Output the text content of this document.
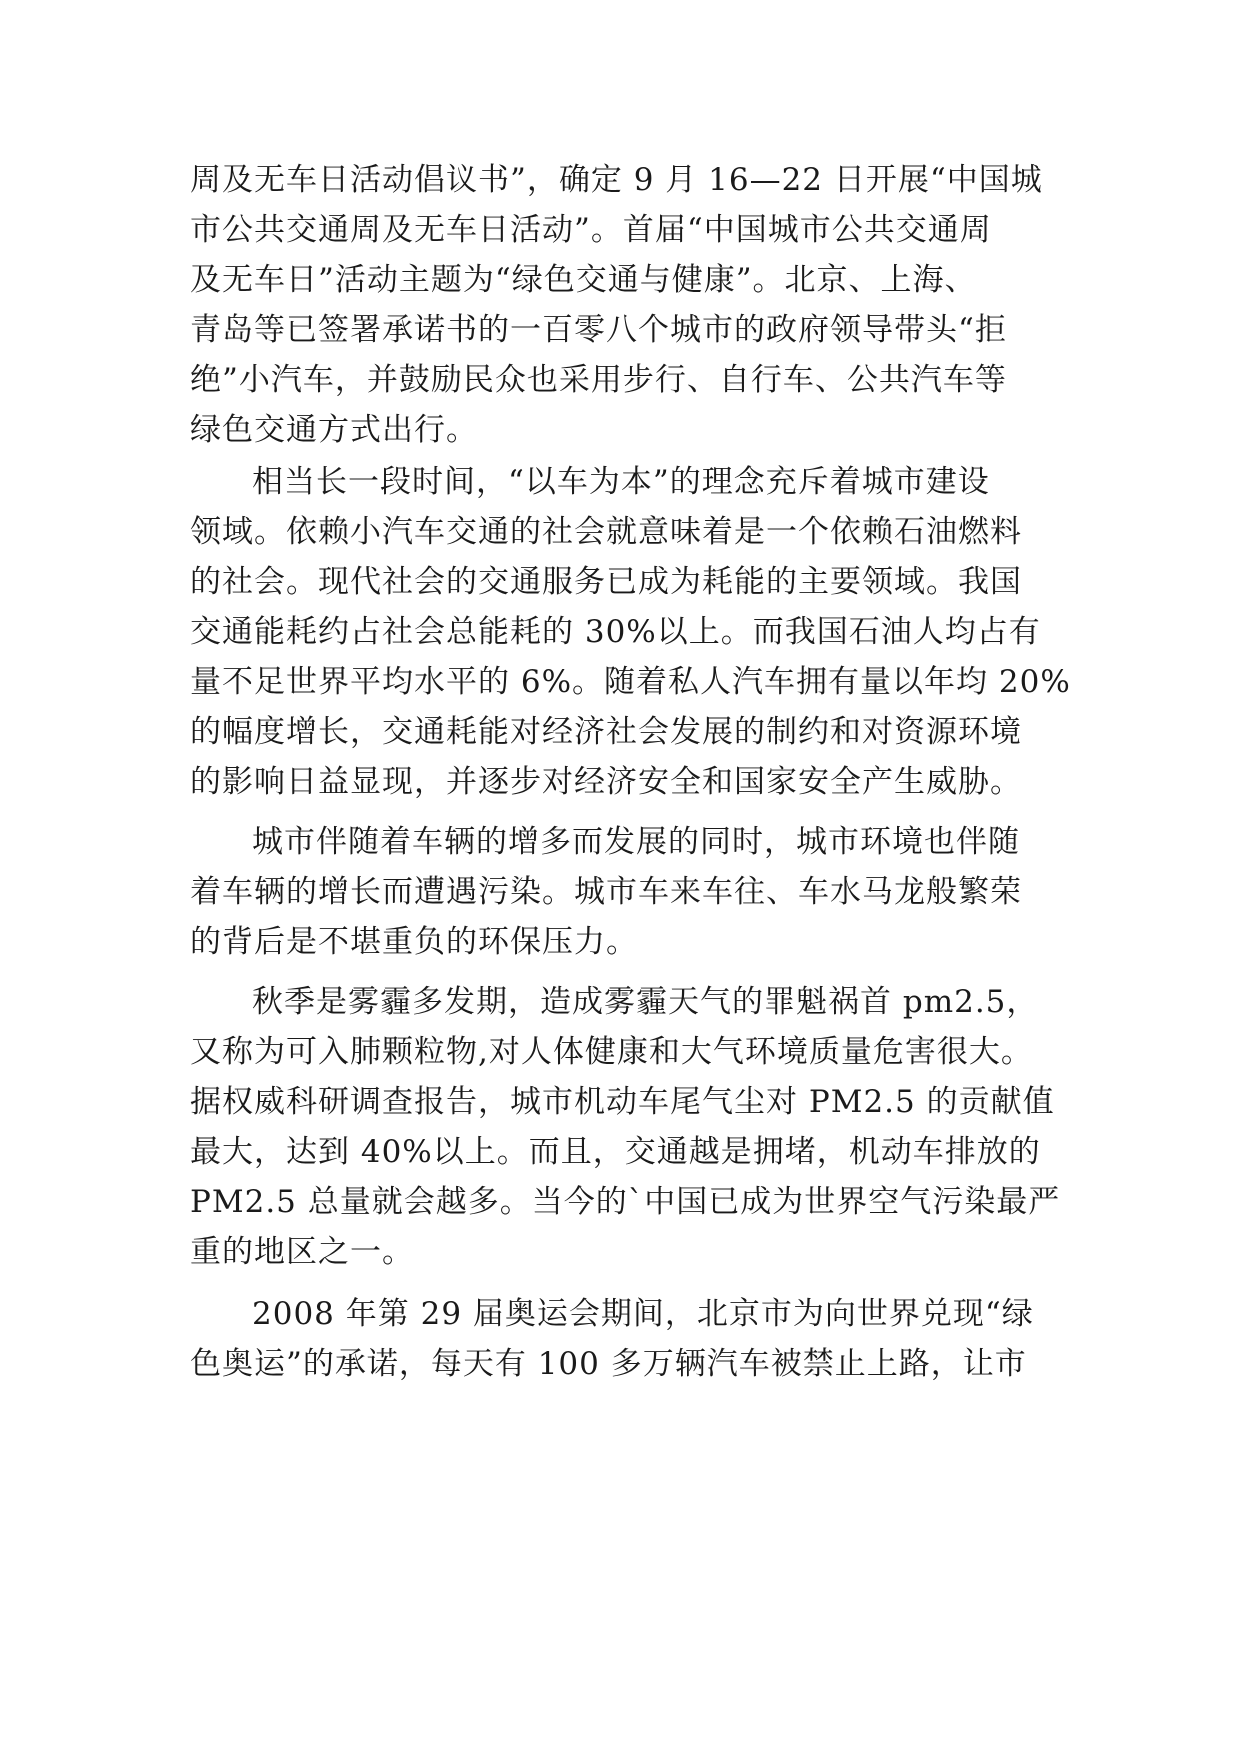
周及无车日活动倡议书”，确定 9 月 16—22 日开展“中国城
市公共交通周及无车日活动”。首届“中国城市公共交通周
及无车日”活动主题为“绿色交通与健康”。北京、上海、
青岛等已签署承诺书的一百零八个城市的政府领导带头“拒
绝”小汽车，并鼓励民众也采用步行、自行车、公共汽车等
绿色交通方式出行。
相当长一段时间，“以车为本”的理念充斥着城市建设
领域。依赖小汽车交通的社会就意味着是一个依赖石油燃料
的社会。现代社会的交通服务已成为耗能的主要领域。我国
交通能耗约占社会总能耗的 30%以上。而我国石油人均占有
量不足世界平均水平的 6%。随着私人汽车拥有量以年均 20%
的幅度增长，交通耗能对经济社会发展的制约和对资源环境
的影响日益显现，并逐步对经济安全和国家安全产生威胁。
城市伴随着车辆的增多而发展的同时，城市环境也伴随
着车辆的增长而遭遇污染。城市车来车往、车水马龙般繁荣
的背后是不堪重负的环保压力。
秋季是雾霾多发期，造成雾霾天气的罪魁祸首 pm2.5，
又称为可入肺颗粒物,对人体健康和大气环境质量危害很大。
据权威科研调查报告，城市机动车尾气尘对 PM2.5 的贡献值
最大，达到 40%以上。而且，交通越是拥堵，机动车排放的
PM2.5 总量就会越多。当今的`中国已成为世界空气污染最严
重的地区之一。
2008 年第 29 届奥运会期间，北京市为向世界兑现“绿
色奥运”的承诺，每天有 100 多万辆汽车被禁止上路，让市
